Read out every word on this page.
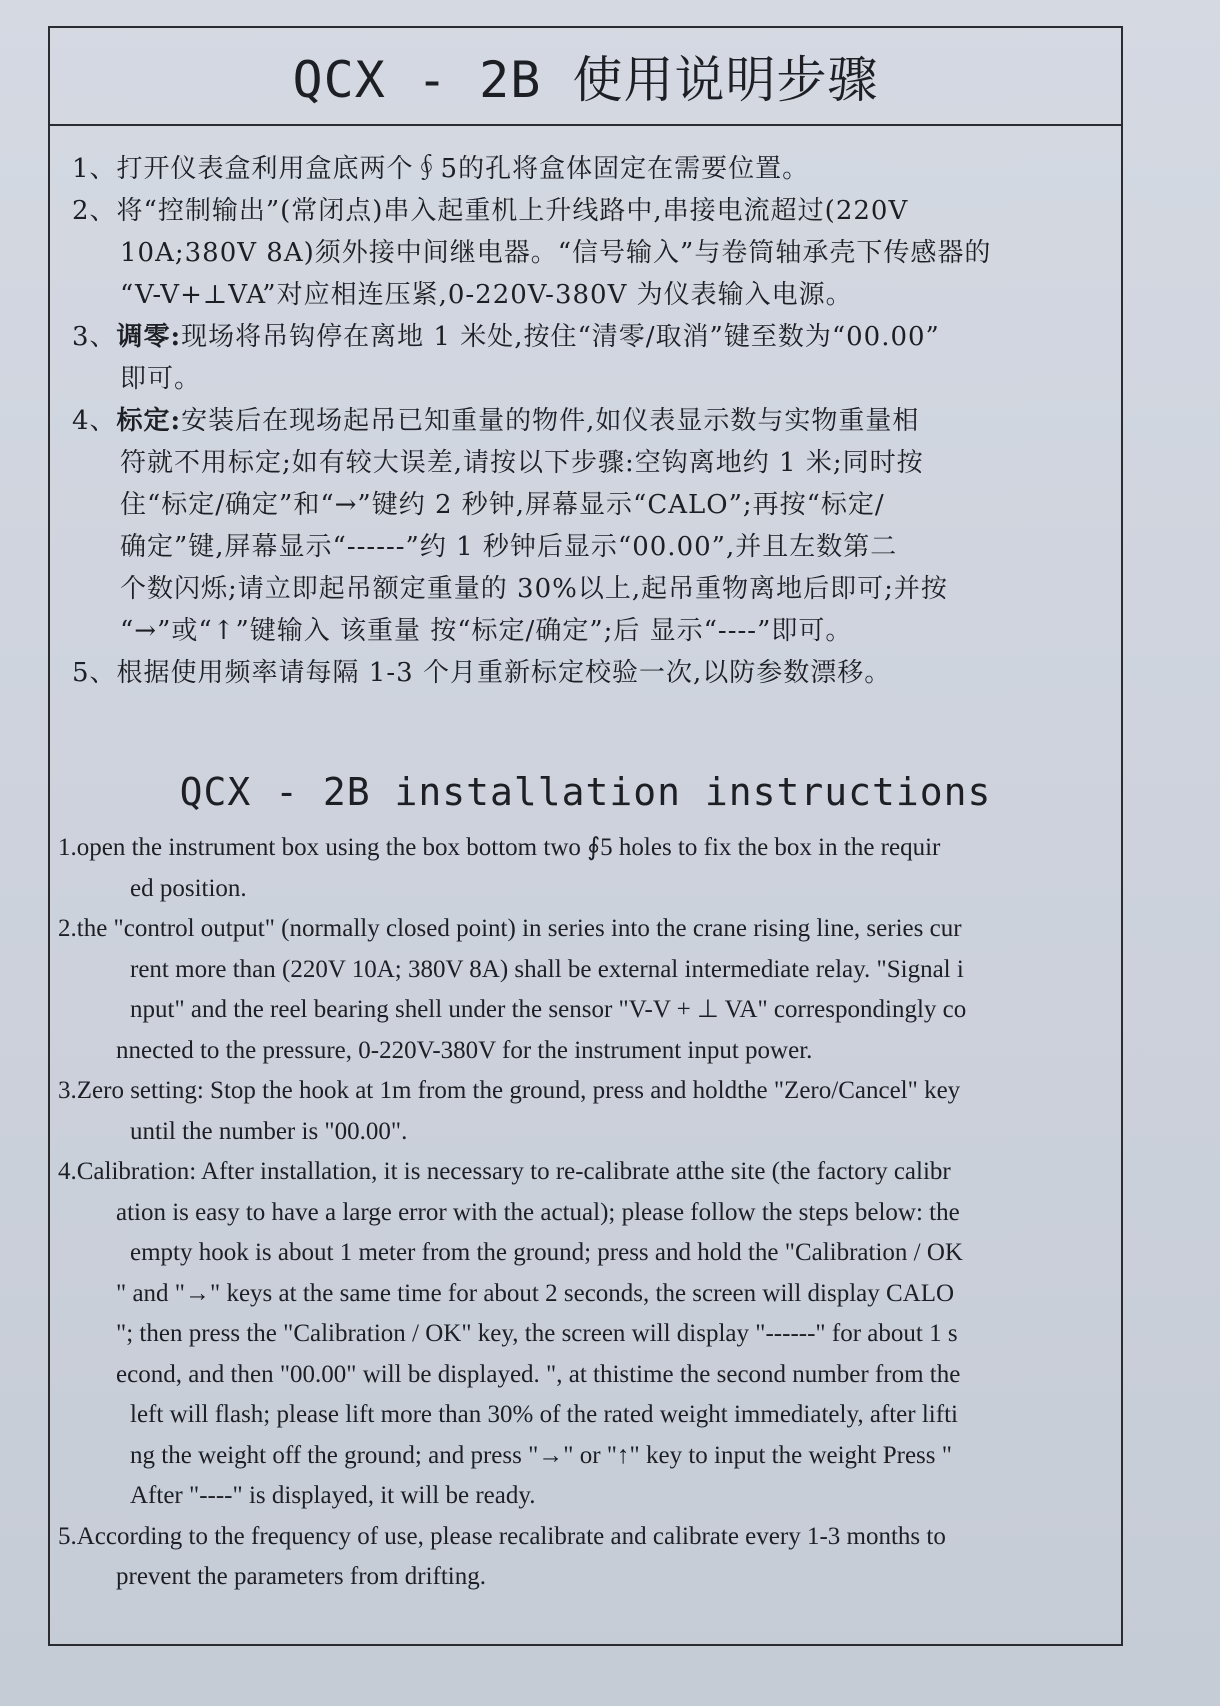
QCX - 2B 使用说明步骤

1、打开仪表盒利用盒底两个∮5的孔将盒体固定在需要位置。

2、将“控制输出”(常闭点)串入起重机上升线路中,串接电流超过(220V

10A;380V 8A)须外接中间继电器。“信号输入”与卷筒轴承壳下传感器的

“V-V+⊥VA”对应相连压紧,0-220V-380V 为仪表输入电源。

3、调零:现场将吊钩停在离地 1 米处,按住“清零/取消”键至数为“00.00”

即可。

4、标定:安装后在现场起吊已知重量的物件,如仪表显示数与实物重量相

符就不用标定;如有较大误差,请按以下步骤:空钩离地约 1 米;同时按

住“标定/确定”和“→”键约 2 秒钟,屏幕显示“CALO”;再按“标定/

确定”键,屏幕显示“------”约 1 秒钟后显示“00.00”,并且左数第二

个数闪烁;请立即起吊额定重量的 30%以上,起吊重物离地后即可;并按

“→”或“↑”键输入 该重量 按“标定/确定”;后 显示“----”即可。

5、根据使用频率请每隔 1-3 个月重新标定校验一次,以防参数漂移。

QCX - 2B installation instructions

1.open the instrument box using the box bottom two ∮5 holes to fix the box in the requir

ed position.

2.the "control output" (normally closed point) in series into the crane rising line, series cur

rent more than (220V 10A; 380V 8A) shall be external intermediate relay. "Signal i

nput" and the reel bearing shell under the sensor "V-V + ⊥ VA" correspondingly co

nnected to the pressure, 0-220V-380V for the instrument input power.

3.Zero setting: Stop the hook at 1m from the ground, press and holdthe "Zero/Cancel" key

until the number is "00.00".

4.Calibration: After installation, it is necessary to re-calibrate atthe site (the factory calibr

ation is easy to have a large error with the actual); please follow the steps below: the

empty hook is about 1 meter from the ground; press and hold the "Calibration / OK

" and "→" keys at the same time for about 2 seconds, the screen will display CALO

"; then press the "Calibration / OK" key, the screen will display "------" for about 1 s

econd, and then "00.00" will be displayed. ", at thistime the second number from the

left will flash; please lift more than 30% of the rated weight immediately, after lifti

ng the weight off the ground; and press "→" or "↑" key to input the weight Press "

After "----" is displayed, it will be ready.

5.According to the frequency of use, please recalibrate and calibrate every 1-3 months to

prevent the parameters from drifting.
